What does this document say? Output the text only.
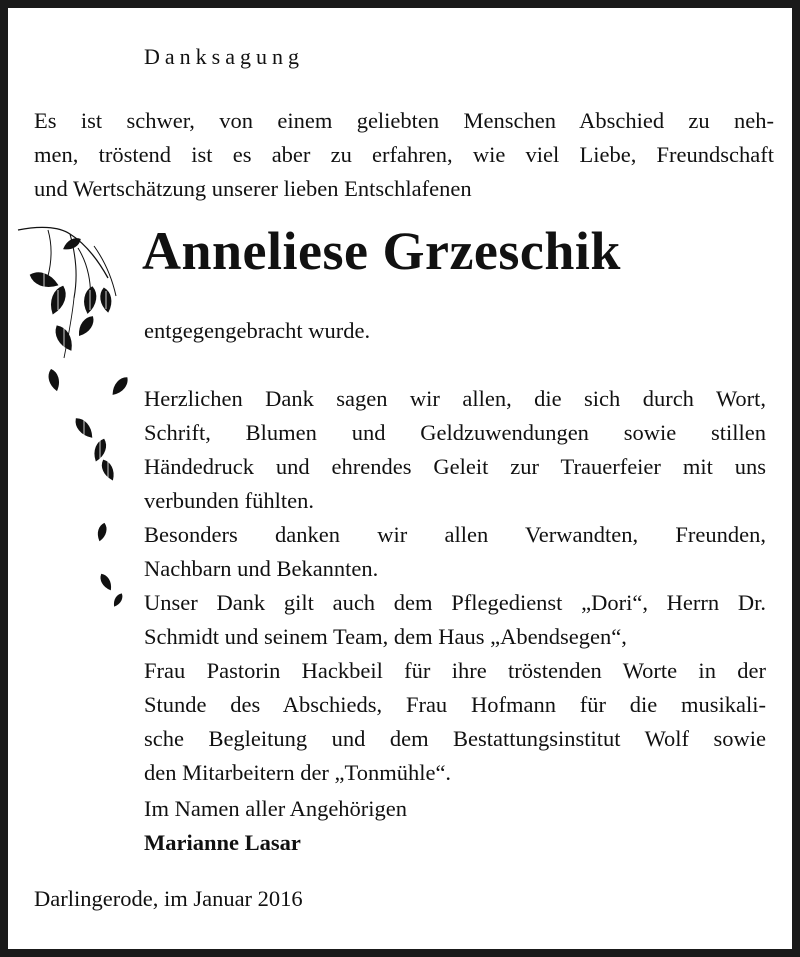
Danksagung
Es ist schwer, von einem geliebten Menschen Abschied zu neh-
men, tröstend ist es aber zu erfahren, wie viel Liebe, Freundschaft
und Wertschätzung unserer lieben Entschlafenen
Anneliese Grzeschik
entgegengebracht wurde.
Herzlichen Dank sagen wir allen, die sich durch Wort,
Schrift, Blumen und Geldzuwendungen sowie stillen
Händedruck und ehrendes Geleit zur Trauerfeier mit uns
verbunden fühlten.
Besonders danken wir allen Verwandten, Freunden,
Nachbarn und Bekannten.
Unser Dank gilt auch dem Pflegedienst „Dori“, Herrn Dr.
Schmidt und seinem Team, dem Haus „Abendsegen“,
Frau Pastorin Hackbeil für ihre tröstenden Worte in der
Stunde des Abschieds, Frau Hofmann für die musikali-
sche Begleitung und dem Bestattungsinstitut Wolf sowie
den Mitarbeitern der „Tonmühle“.
Im Namen aller Angehörigen
Marianne Lasar
Darlingerode, im Januar 2016
